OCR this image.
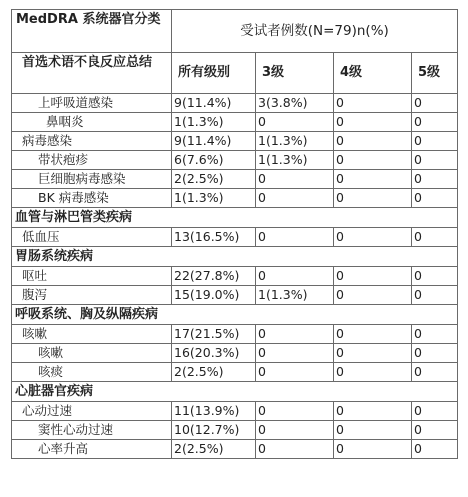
MedDRA 系统器官分类	受试者例数(N=79)n(%)			
首选术语不良反应总结	所有级别	3级	4级	5级
上呼吸道感染	9(11.4%)	3(3.8%)	0	0
鼻咽炎	1(1.3%)	0	0	0
病毒感染	9(11.4%)	1(1.3%)	0	0
带状疱疹	6(7.6%)	1(1.3%)	0	0
巨细胞病毒感染	2(2.5%)	0	0	0
BK 病毒感染	1(1.3%)	0	0	0
血管与淋巴管类疾病				
低血压	13(16.5%)	0	0	0
胃肠系统疾病				
呕吐	22(27.8%)	0	0	0
腹泻	15(19.0%)	1(1.3%)	0	0
呼吸系统、胸及纵隔疾病				
咳嗽	17(21.5%)	0	0	0
咳嗽	16(20.3%)	0	0	0
咳痰	2(2.5%)	0	0	0
心脏器官疾病				
心动过速	11(13.9%)	0	0	0
窦性心动过速	10(12.7%)	0	0	0
心率升高	2(2.5%)	0	0	0
